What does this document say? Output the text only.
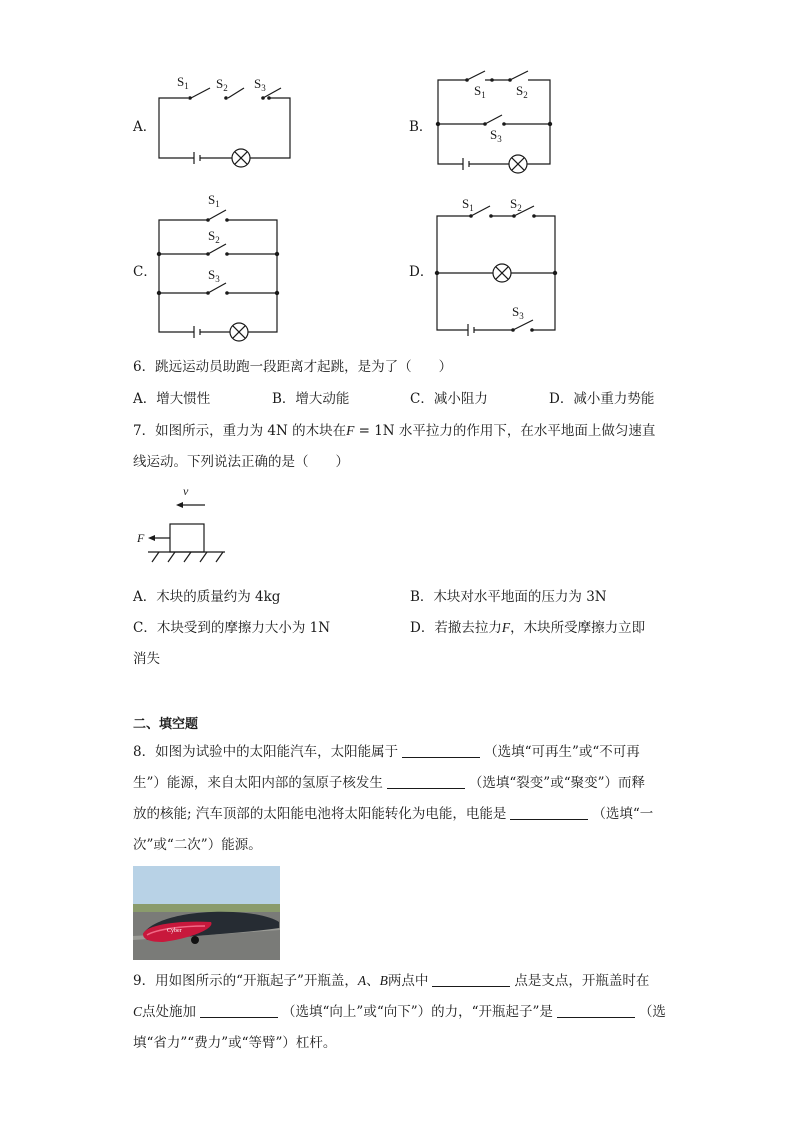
A．	B．
C．	D．
$S_1$ $S_2$ $S_3$	$S_1$ $S_2$
$S_3$
$S_1$
$S_2$
$S_3$
$S_1$	$S_2$
$S_3$
6．跳远运动员助跑一段距离才起跳，是为了（　　）
A．增大惯性	B．增大动能	C．减小阻力	D．减小重力势能
7．如图所示，重力为 4N 的木块在F = 1N 水平拉力的作用下，在水平地面上做匀速直
线运动。下列说法正确的是（　　）
v
F
A．木块的质量约为 4kg	B．木块对水平地面的压力为 3N
C．木块受到的摩擦力大小为 1N	D．若撤去拉力F，木块所受摩擦力立即
消失
二、填空题
8．如图为试验中的太阳能汽车，太阳能属于	（选填“可再生”或“不可再
生”）能源，来自太阳内部的氢原子核发生	（选填“裂变”或“聚变”）而释
放的核能; 汽车顶部的太阳能电池将太阳能转化为电能，电能是	（选填“一
次”或“二次”）能源。
Cyber
9．用如图所示的“开瓶起子”开瓶盖，A、B两点中	点是支点，开瓶盖时在
C点处施加	（选填“向上”或“向下”）的力，“开瓶起子”是	（选
填“省力”“费力”或“等臂”）杠杆。
